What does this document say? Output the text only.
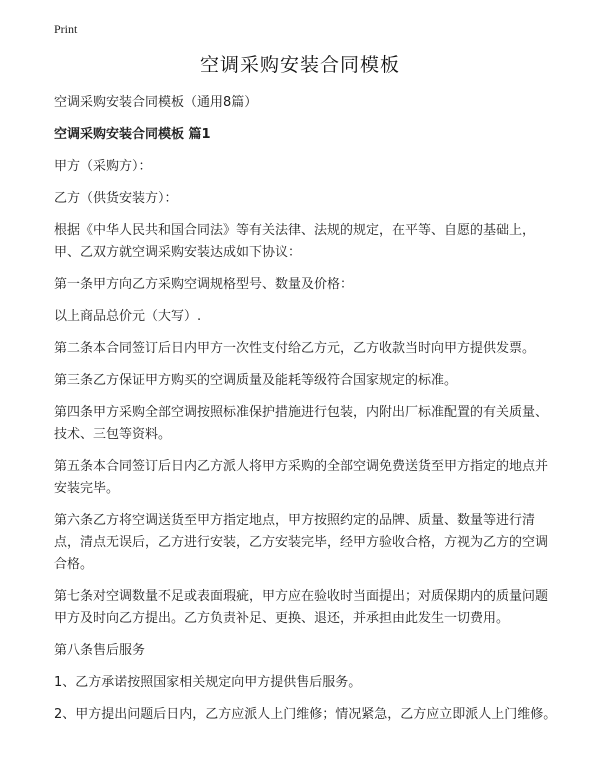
Print
空调采购安装合同模板

空调采购安装合同模板（通用8篇）

空调采购安装合同模板 篇1

甲方（采购方）：

乙方（供货安装方）：

根据《中华人民共和国合同法》等有关法律、法规的规定，在平等、自愿的基础上，甲、乙双方就空调采购安装达成如下协议：

第一条甲方向乙方采购空调规格型号、数量及价格：

以上商品总价元（大写）.

第二条本合同签订后日内甲方一次性支付给乙方元，乙方收款当时向甲方提供发票。

第三条乙方保证甲方购买的空调质量及能耗等级符合国家规定的标准。

第四条甲方采购全部空调按照标准保护措施进行包装，内附出厂标准配置的有关质量、技术、三包等资料。

第五条本合同签订后日内乙方派人将甲方采购的全部空调免费送货至甲方指定的地点并安装完毕。

第六条乙方将空调送货至甲方指定地点，甲方按照约定的品牌、质量、数量等进行清点，清点无误后，乙方进行安装，乙方安装完毕，经甲方验收合格，方视为乙方的空调合格。

第七条对空调数量不足或表面瑕疵，甲方应在验收时当面提出；对质保期内的质量问题甲方及时向乙方提出。乙方负责补足、更换、退还，并承担由此发生一切费用。

第八条售后服务

1、乙方承诺按照国家相关规定向甲方提供售后服务。

2、甲方提出问题后日内，乙方应派人上门维修；情况紧急，乙方应立即派人上门维修。
